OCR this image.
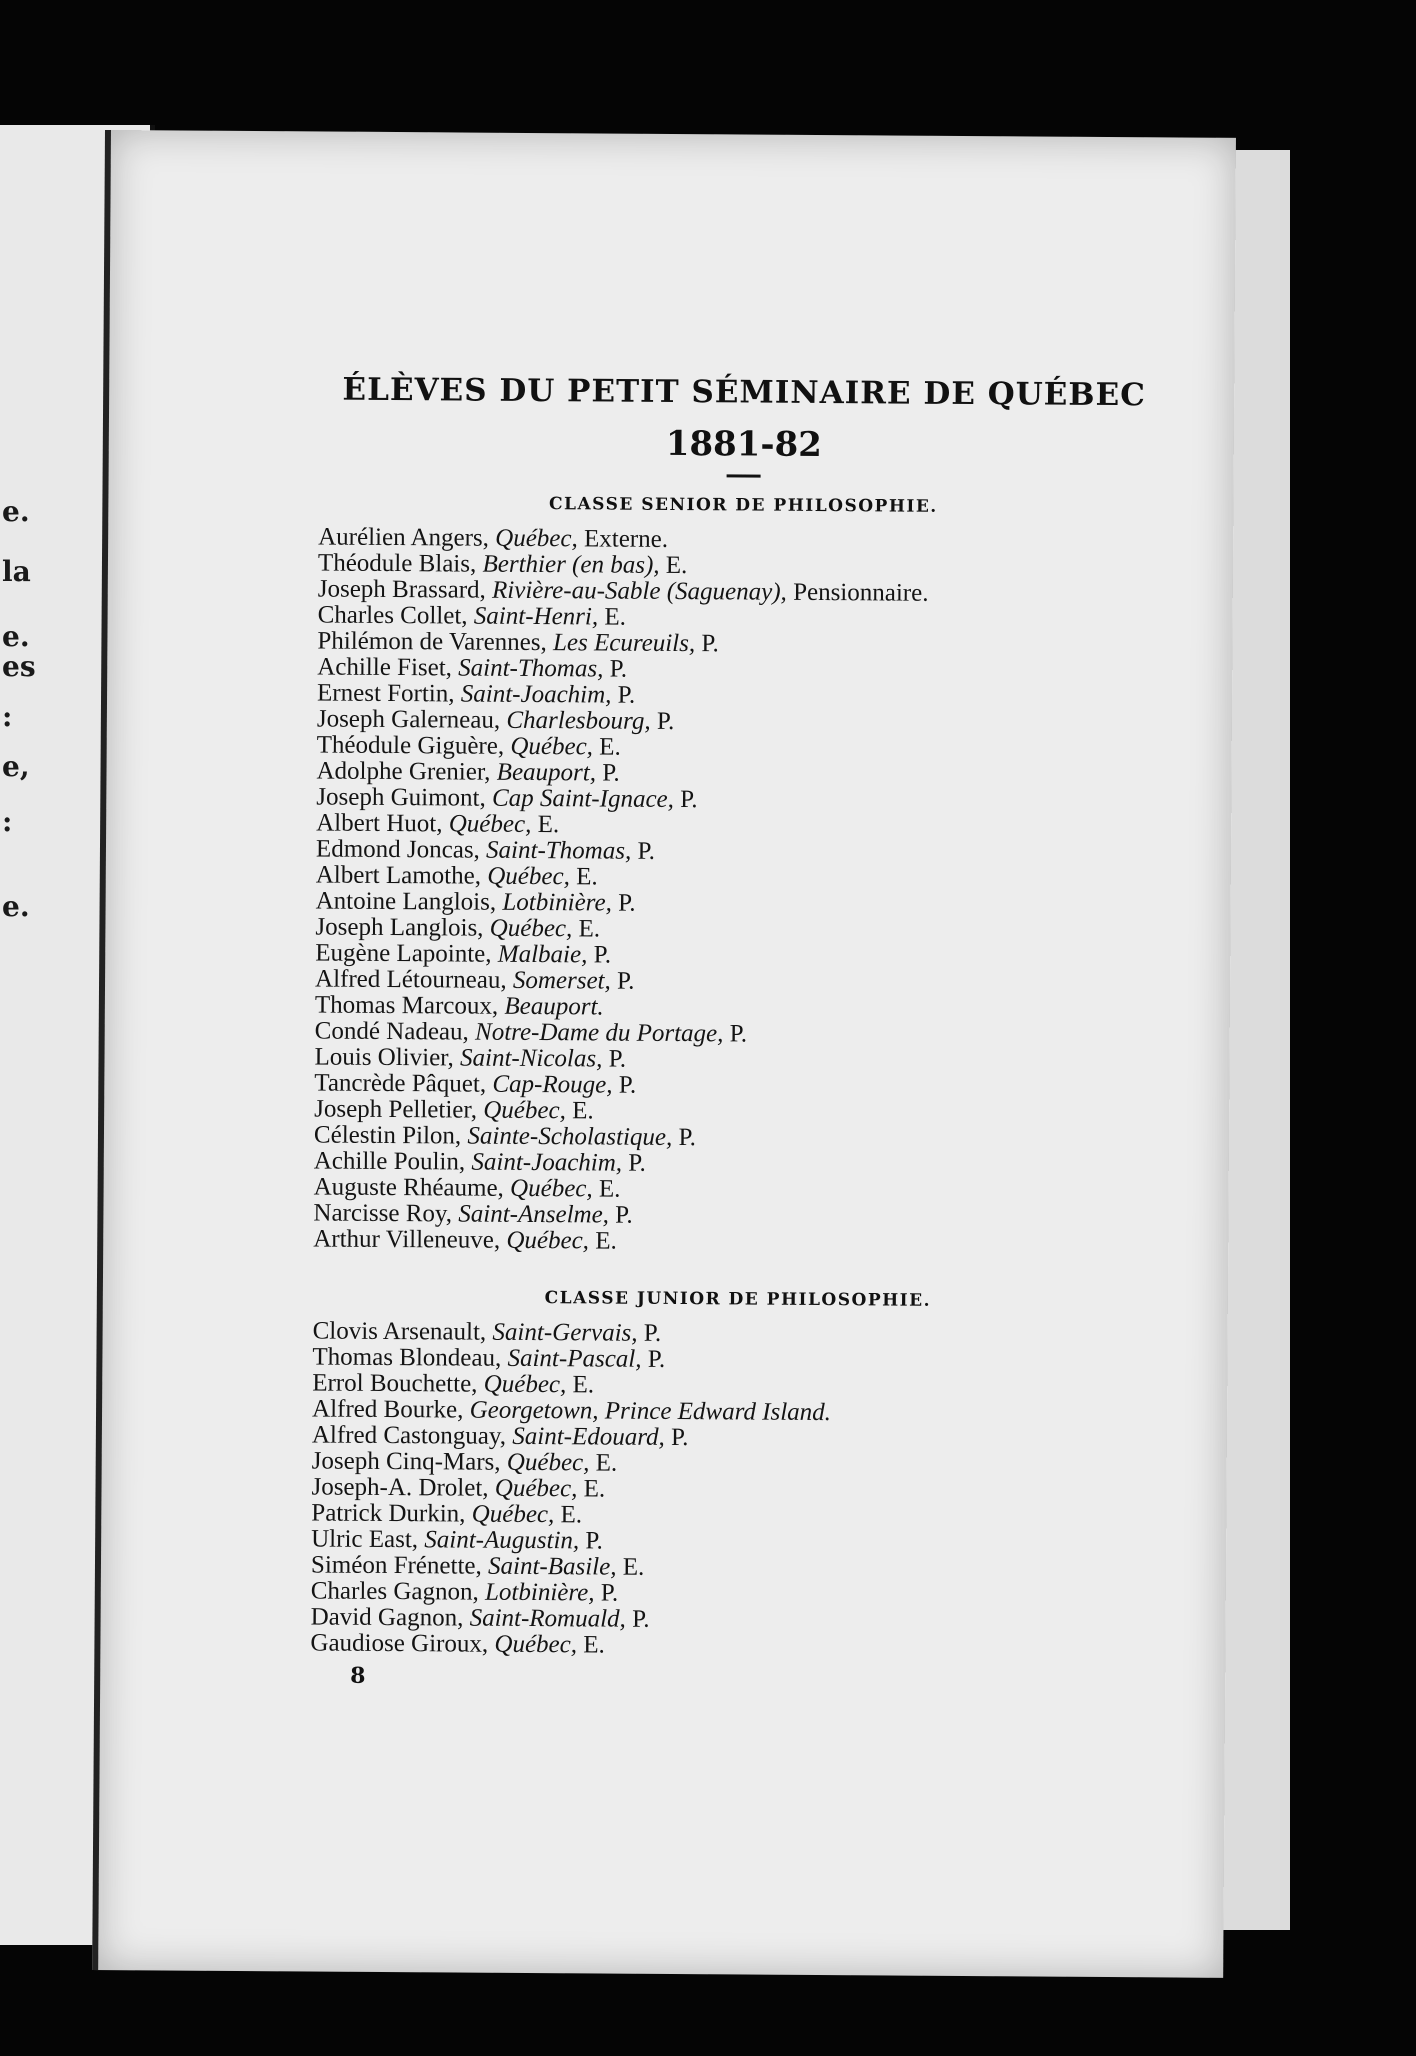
e.
la
e.
es
:
e,
:
e.
ÉLÈVES DU PETIT SÉMINAIRE DE QUÉBEC
1881-82
CLASSE SENIOR DE PHILOSOPHIE.
Aurélien Angers, Québec, Externe.
Théodule Blais, Berthier (en bas), E.
Joseph Brassard, Rivière-au-Sable (Saguenay), Pensionnaire.
Charles Collet, Saint-Henri, E.
Philémon de Varennes, Les Ecureuils, P.
Achille Fiset, Saint-Thomas, P.
Ernest Fortin, Saint-Joachim, P.
Joseph Galerneau, Charlesbourg, P.
Théodule Giguère, Québec, E.
Adolphe Grenier, Beauport, P.
Joseph Guimont, Cap Saint-Ignace, P.
Albert Huot, Québec, E.
Edmond Joncas, Saint-Thomas, P.
Albert Lamothe, Québec, E.
Antoine Langlois, Lotbinière, P.
Joseph Langlois, Québec, E.
Eugène Lapointe, Malbaie, P.
Alfred Létourneau, Somerset, P.
Thomas Marcoux, Beauport.
Condé Nadeau, Notre-Dame du Portage, P.
Louis Olivier, Saint-Nicolas, P.
Tancrède Pâquet, Cap-Rouge, P.
Joseph Pelletier, Québec, E.
Célestin Pilon, Sainte-Scholastique, P.
Achille Poulin, Saint-Joachim, P.
Auguste Rhéaume, Québec, E.
Narcisse Roy, Saint-Anselme, P.
Arthur Villeneuve, Québec, E.
CLASSE JUNIOR DE PHILOSOPHIE.
Clovis Arsenault, Saint-Gervais, P.
Thomas Blondeau, Saint-Pascal, P.
Errol Bouchette, Québec, E.
Alfred Bourke, Georgetown, Prince Edward Island.
Alfred Castonguay, Saint-Edouard, P.
Joseph Cinq-Mars, Québec, E.
Joseph-A. Drolet, Québec, E.
Patrick Durkin, Québec, E.
Ulric East, Saint-Augustin, P.
Siméon Frénette, Saint-Basile, E.
Charles Gagnon, Lotbinière, P.
David Gagnon, Saint-Romuald, P.
Gaudiose Giroux, Québec, E.
8
